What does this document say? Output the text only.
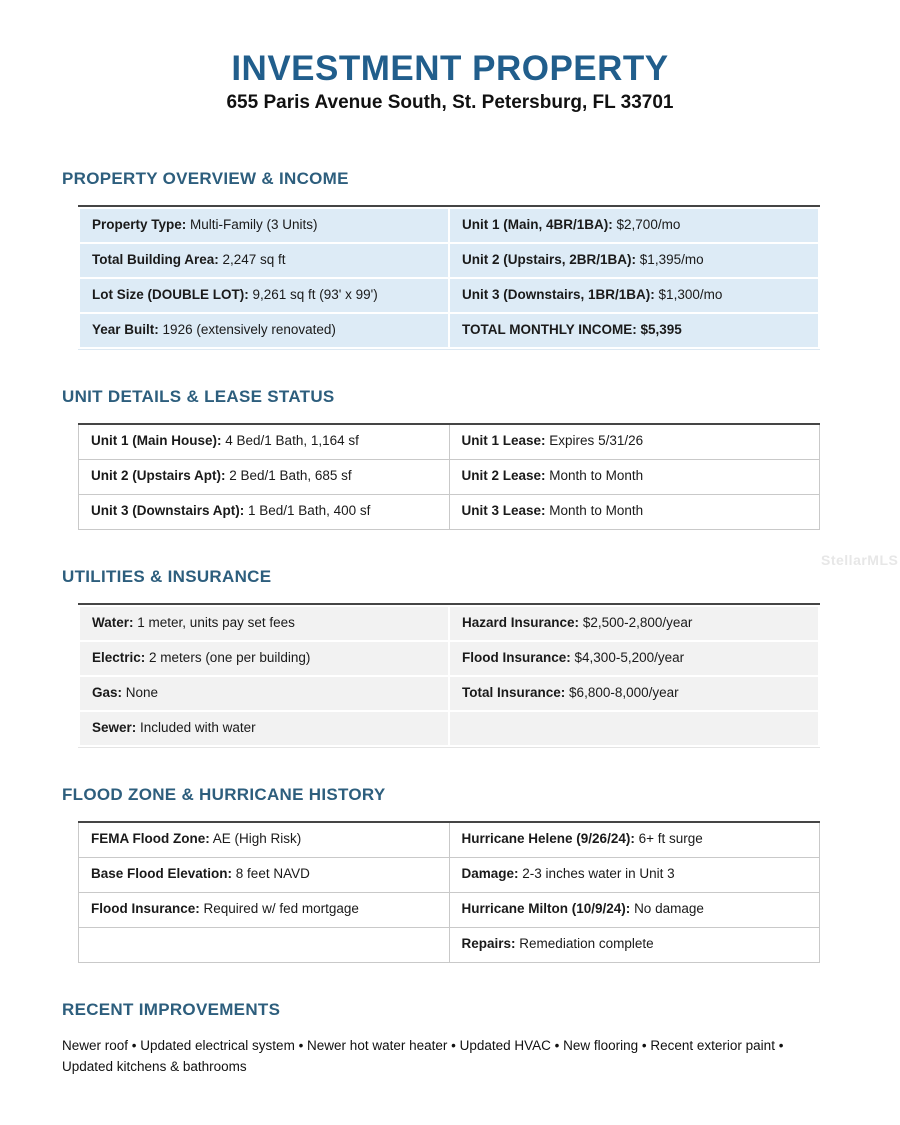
INVESTMENT PROPERTY
655 Paris Avenue South, St. Petersburg, FL 33701
StellarMLS
PROPERTY OVERVIEW & INCOME
Property Type: Multi-Family (3 Units)	Unit 1 (Main, 4BR/1BA): $2,700/mo
Total Building Area: 2,247 sq ft	Unit 2 (Upstairs, 2BR/1BA): $1,395/mo
Lot Size (DOUBLE LOT): 9,261 sq ft (93' x 99')	Unit 3 (Downstairs, 1BR/1BA): $1,300/mo
Year Built: 1926 (extensively renovated)	TOTAL MONTHLY INCOME: $5,395
UNIT DETAILS & LEASE STATUS
Unit 1 (Main House): 4 Bed/1 Bath, 1,164 sf	Unit 1 Lease: Expires 5/31/26
Unit 2 (Upstairs Apt): 2 Bed/1 Bath, 685 sf	Unit 2 Lease: Month to Month
Unit 3 (Downstairs Apt): 1 Bed/1 Bath, 400 sf	Unit 3 Lease: Month to Month
UTILITIES & INSURANCE
Water: 1 meter, units pay set fees	Hazard Insurance: $2,500-2,800/year
Electric: 2 meters (one per building)	Flood Insurance: $4,300-5,200/year
Gas: None	Total Insurance: $6,800-8,000/year
Sewer: Included with water	
FLOOD ZONE & HURRICANE HISTORY
FEMA Flood Zone: AE (High Risk)	Hurricane Helene (9/26/24): 6+ ft surge
Base Flood Elevation: 8 feet NAVD	Damage: 2-3 inches water in Unit 3
Flood Insurance: Required w/ fed mortgage	Hurricane Milton (10/9/24): No damage
	Repairs: Remediation complete
RECENT IMPROVEMENTS

Newer roof • Updated electrical system • Newer hot water heater • Updated HVAC • New flooring • Recent exterior paint • Updated kitchens & bathrooms
